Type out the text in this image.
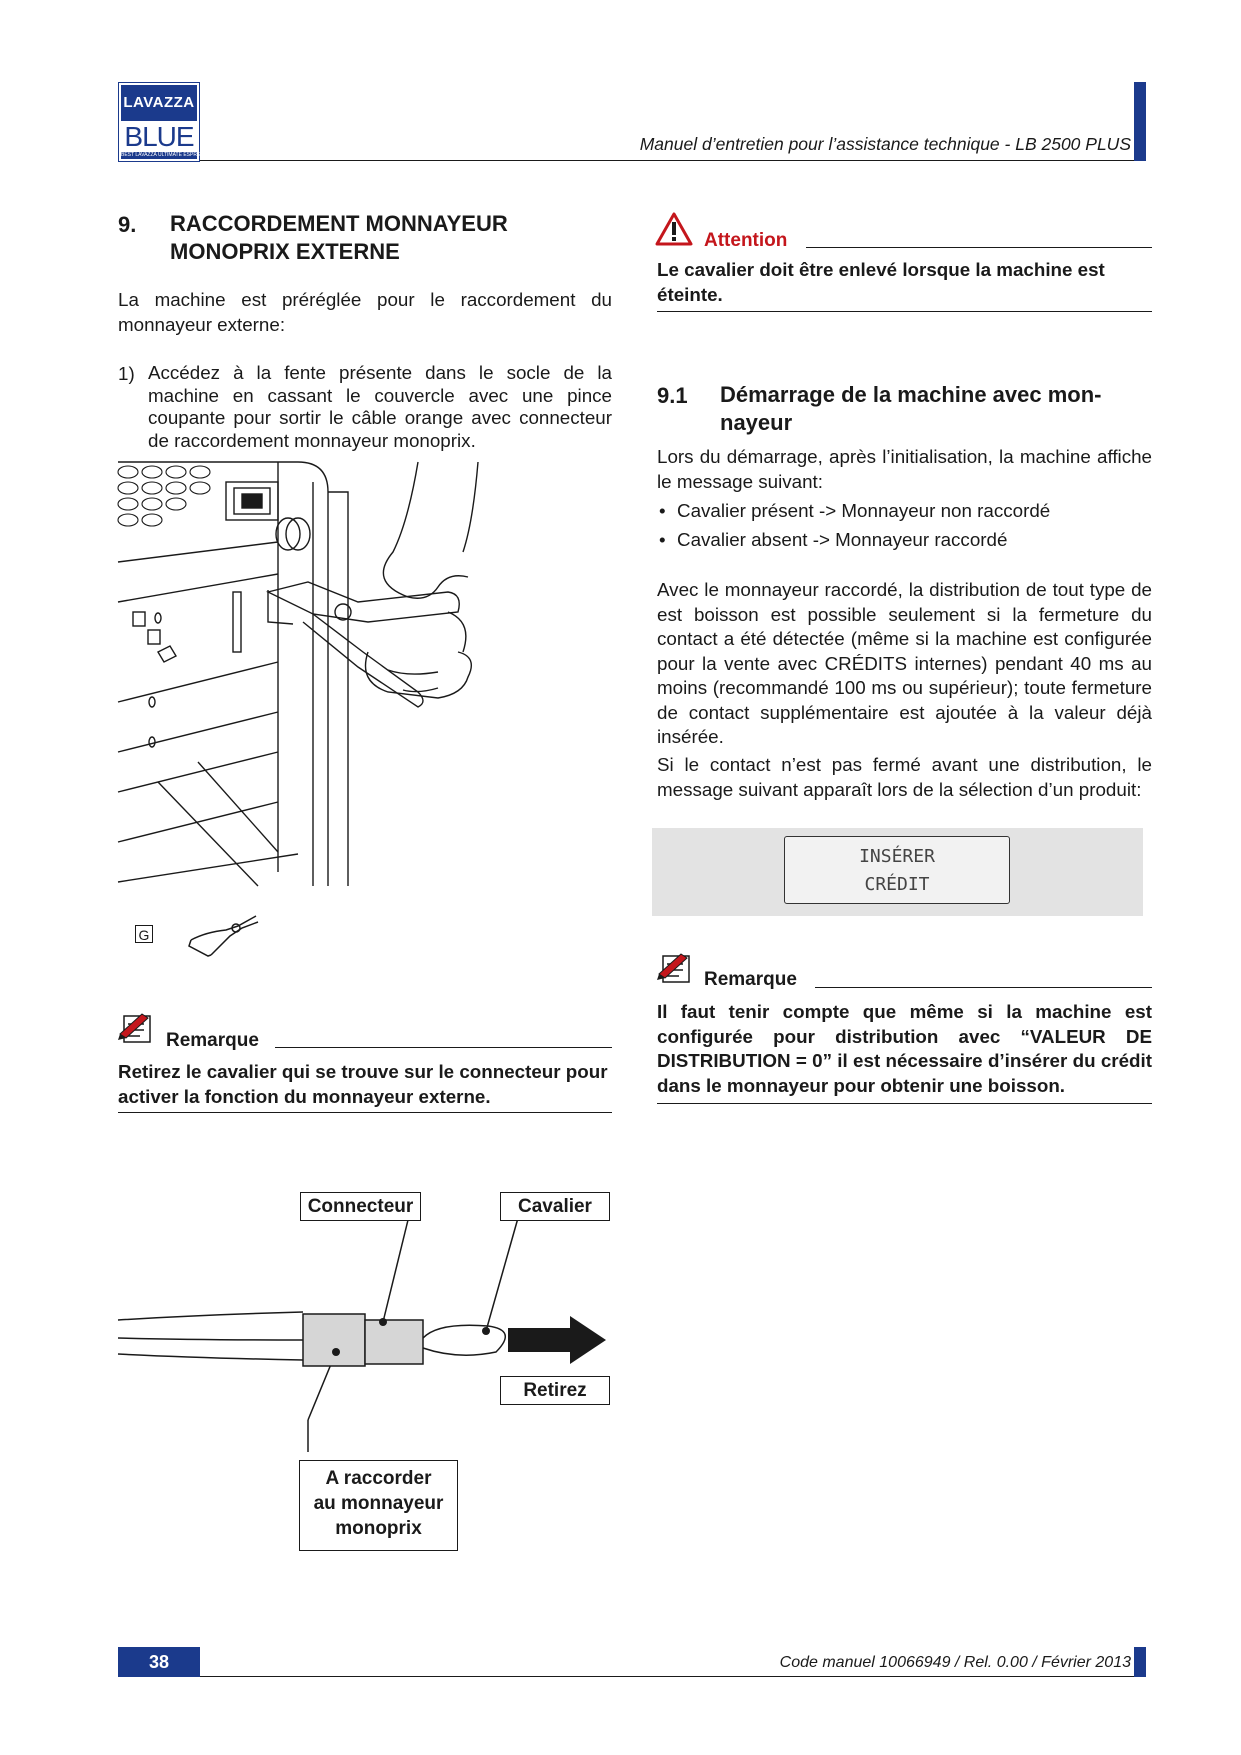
LAVAZZA
BLUE
BEST LAVAZZA ULTIMATE ESPRESSO
Manuel d’entretien pour l’assistance technique - LB 2500 PLUS
9. RACCORDEMENT MONNAYEUR
MONOPRIX EXTERNE
La machine est préréglée pour le raccordement du monnayeur externe:
1) Accédez à la fente présente dans le socle de la machine en cassant le couvercle avec une pince coupante pour sortir le câble orange avec connecteur de raccordement monnayeur monoprix.
G
Remarque
Retirez le cavalier qui se trouve sur le connecteur pour activer la fonction du monnayeur externe.
Connecteur	Cavalier
Retirez
A raccorder
au monnayeur
monoprix
Attention
Le cavalier doit être enlevé lorsque la machine est éteinte.
9.1 Démarrage de la machine avec mon-
nayeur
Lors du démarrage, après l’initialisation, la machine affiche le message suivant:
• Cavalier présent -> Monnayeur non raccordé
• Cavalier absent -> Monnayeur raccordé
Avec le monnayeur raccordé, la distribution de tout type de est boisson est possible seulement si la fermeture du contact a été détectée (même si la machine est configurée pour la vente avec CRÉDITS internes) pendant 40 ms au moins (recommandé 100 ms ou supérieur); toute fermeture de contact supplémentaire est ajoutée à la valeur déjà insérée.
Si le contact n’est pas fermé avant une distribution, le message suivant apparaît lors de la sélection d’un produit:
INSÉRER
CRÉDIT
Remarque
Il faut tenir compte que même si la machine est configurée pour distribution avec “VALEUR DE DISTRIBUTION = 0” il est nécessaire d’insérer du crédit dans le monnayeur pour obtenir une boisson.
38	Code manuel 10066949 / Rel. 0.00 / Février 2013
